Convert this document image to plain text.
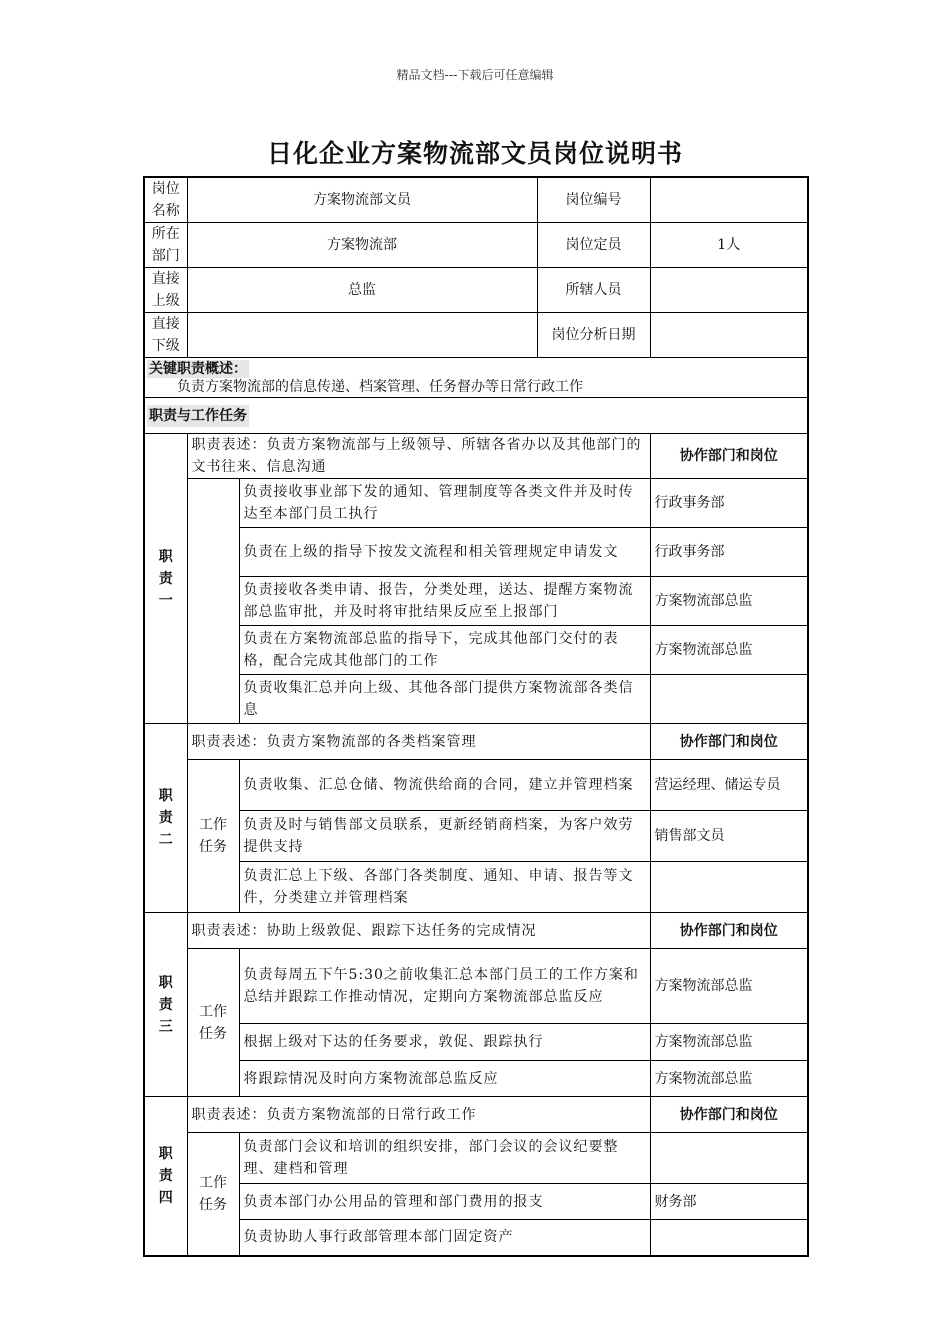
精品文档---下载后可任意编辑
日化企业方案物流部文员岗位说明书
岗位名称	方案物流部文员		岗位编号	
所在部门	方案物流部		岗位定员	1人
直接上级	总监		所辖人员	
直接下级			岗位分析日期	

关键职责概述：
负责方案物流部的信息传递、档案管理、任务督办等日常行政工作				

职责与工作任务				
职责一	职责表述：负责方案物流部与上级领导、所辖各省办以及其他部门的文书往来、信息沟通			协作部门和岗位
		负责接收事业部下发的通知、管理制度等各类文件并及时传达至本部门员工执行		行政事务部
		负责在上级的指导下按发文流程和相关管理规定申请发文		行政事务部
		负责接收各类申请、报告，分类处理，送达、提醒方案物流部总监审批，并及时将审批结果反应至上报部门		方案物流部总监
		负责在方案物流部总监的指导下，完成其他部门交付的表格，配合完成其他部门的工作		方案物流部总监
		负责收集汇总并向上级、其他各部门提供方案物流部各类信息		
职责二	职责表述：负责方案物流部的各类档案管理			协作部门和岗位
	工作任务	负责收集、汇总仓储、物流供给商的合同，建立并管理档案		营运经理、储运专员
		负责及时与销售部文员联系，更新经销商档案，为客户效劳提供支持		销售部文员
		负责汇总上下级、各部门各类制度、通知、申请、报告等文件，分类建立并管理档案		
职责三	职责表述：协助上级敦促、跟踪下达任务的完成情况			协作部门和岗位
	工作任务	负责每周五下午5:30之前收集汇总本部门员工的工作方案和总结并跟踪工作推动情况，定期向方案物流部总监反应		方案物流部总监
		根据上级对下达的任务要求，敦促、跟踪执行		方案物流部总监
		将跟踪情况及时向方案物流部总监反应		方案物流部总监
职责四	职责表述：负责方案物流部的日常行政工作			协作部门和岗位
	工作任务	负责部门会议和培训的组织安排，部门会议的会议纪要整理、建档和管理		
		负责本部门办公用品的管理和部门费用的报支		财务部
		负责协助人事行政部管理本部门固定资产		
